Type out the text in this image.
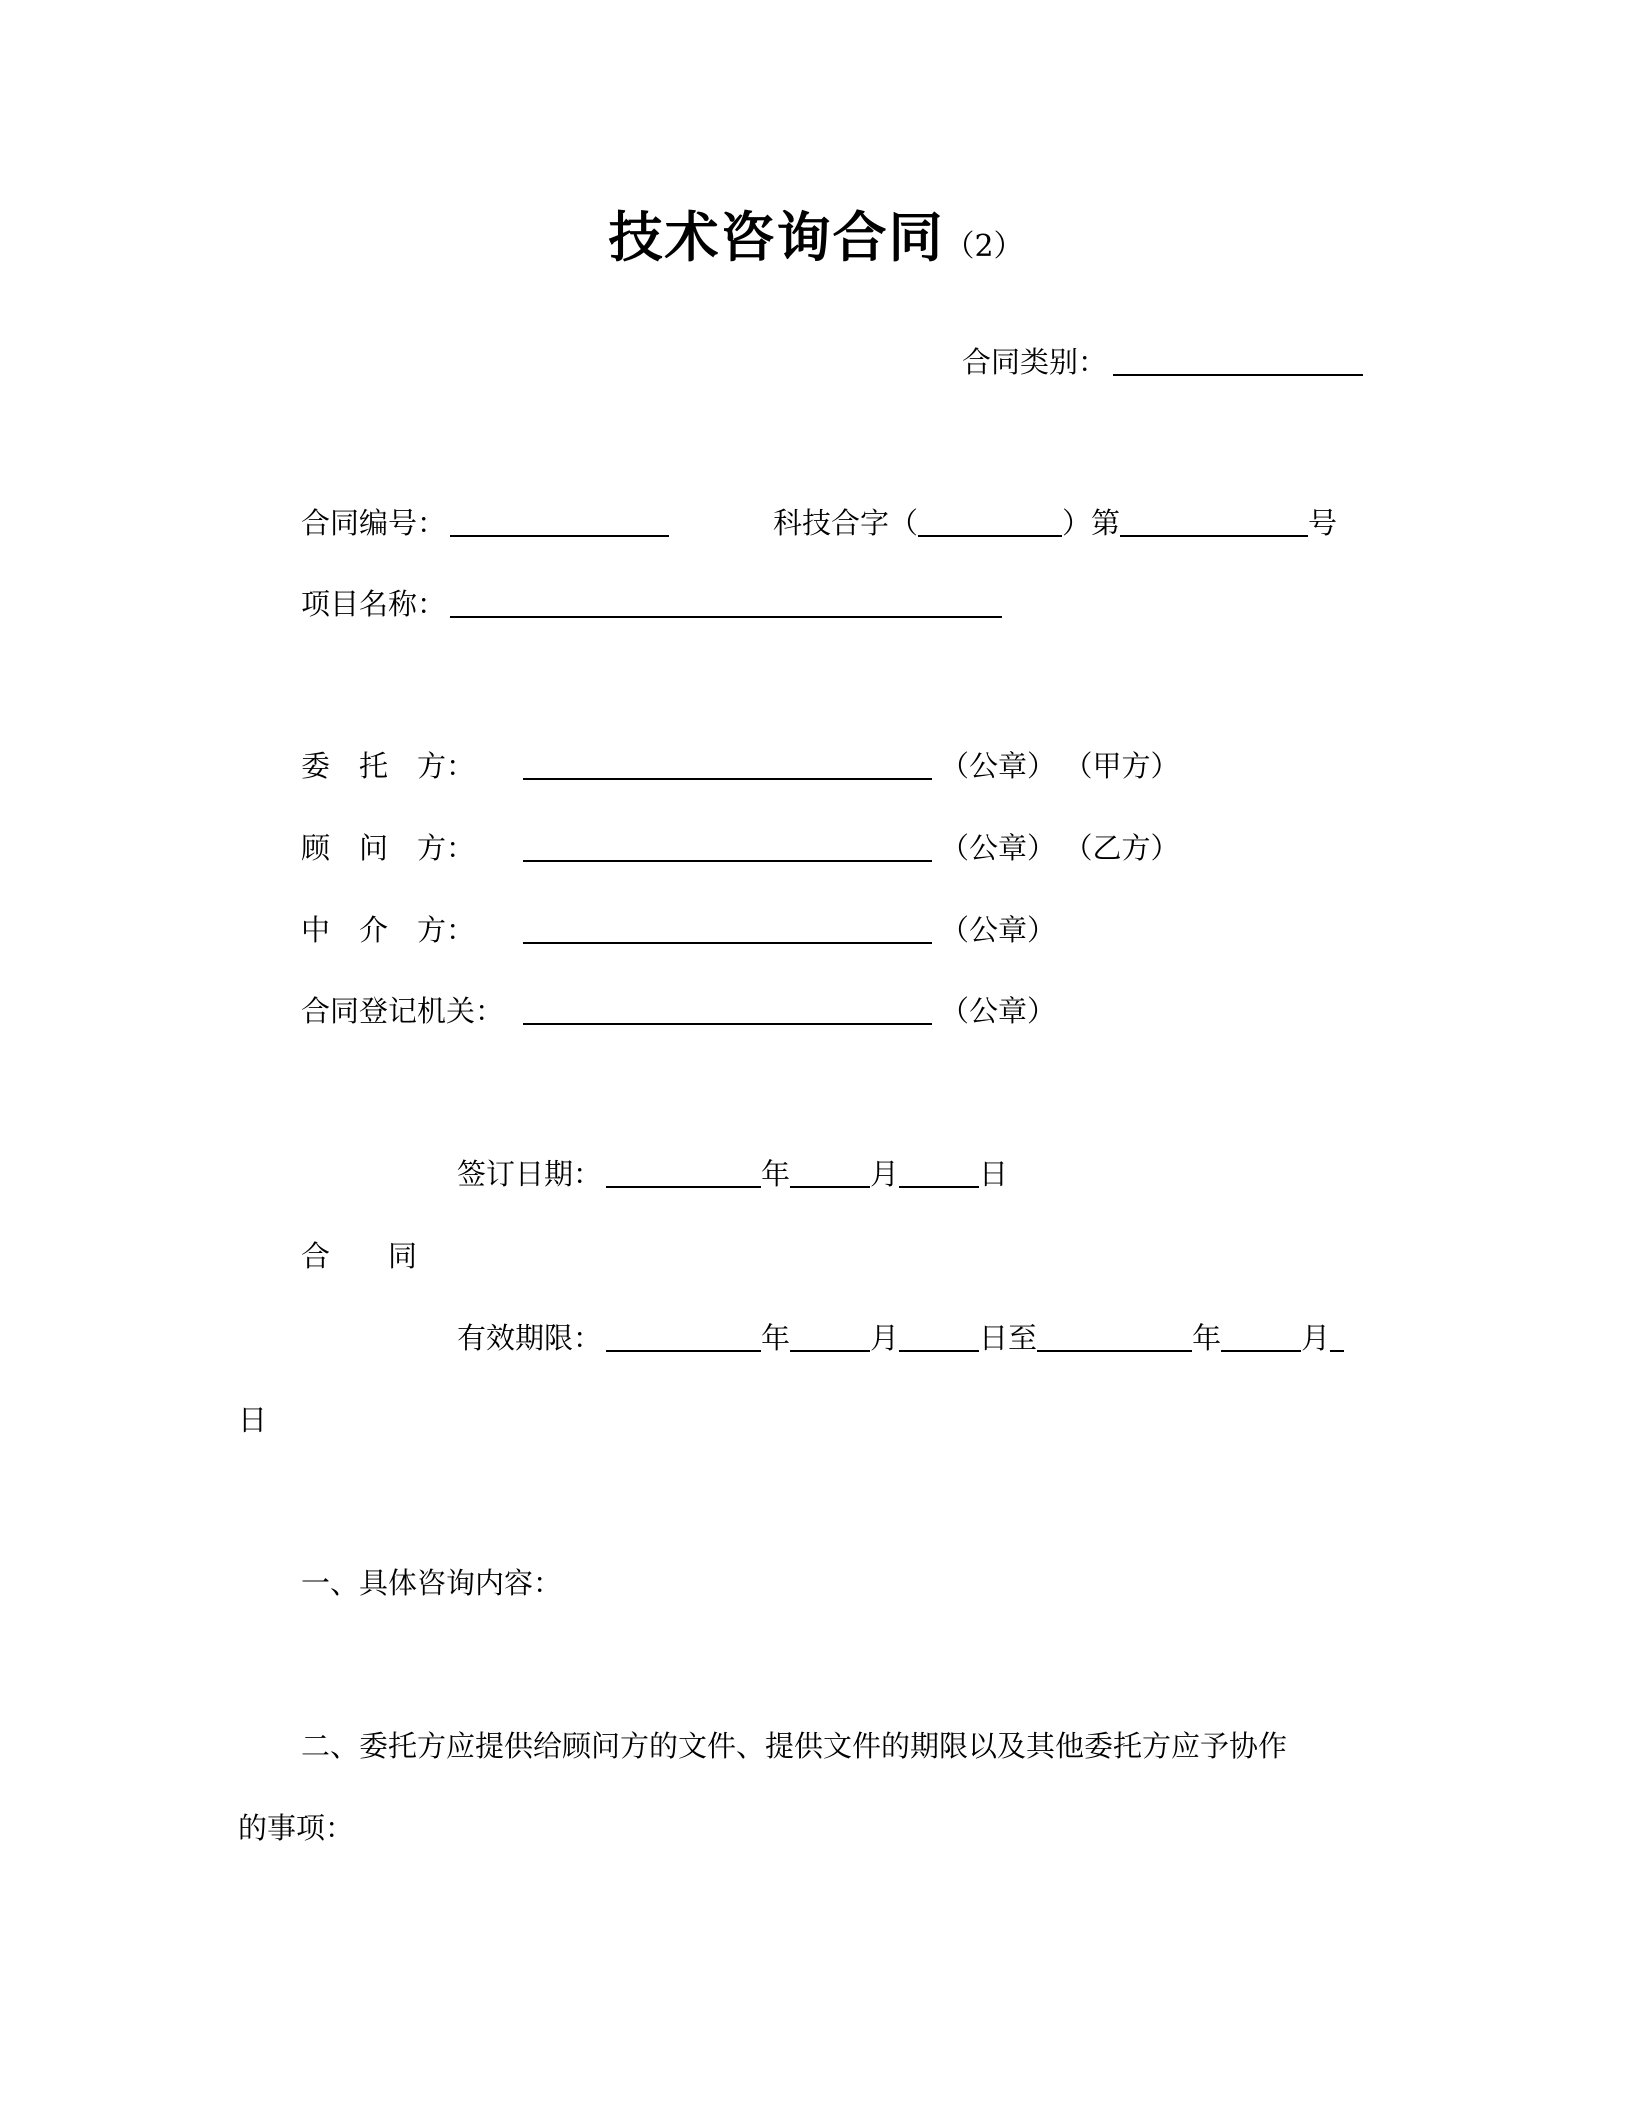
技术咨询合同（2）
合同类别：
合同编号：	科技合字（	）第	号
项目名称：
委　托　方：	（公章） （甲方）
顾　问　方：	（公章） （乙方）
中　介　方：	（公章）
合同登记机关：	（公章）
签订日期：	年	月	日
合　　同
有效期限：	年	月	日至	年	月
日
一、具体咨询内容：
二、委托方应提供给顾问方的文件、提供文件的期限以及其他委托方应予协作
的事项：
